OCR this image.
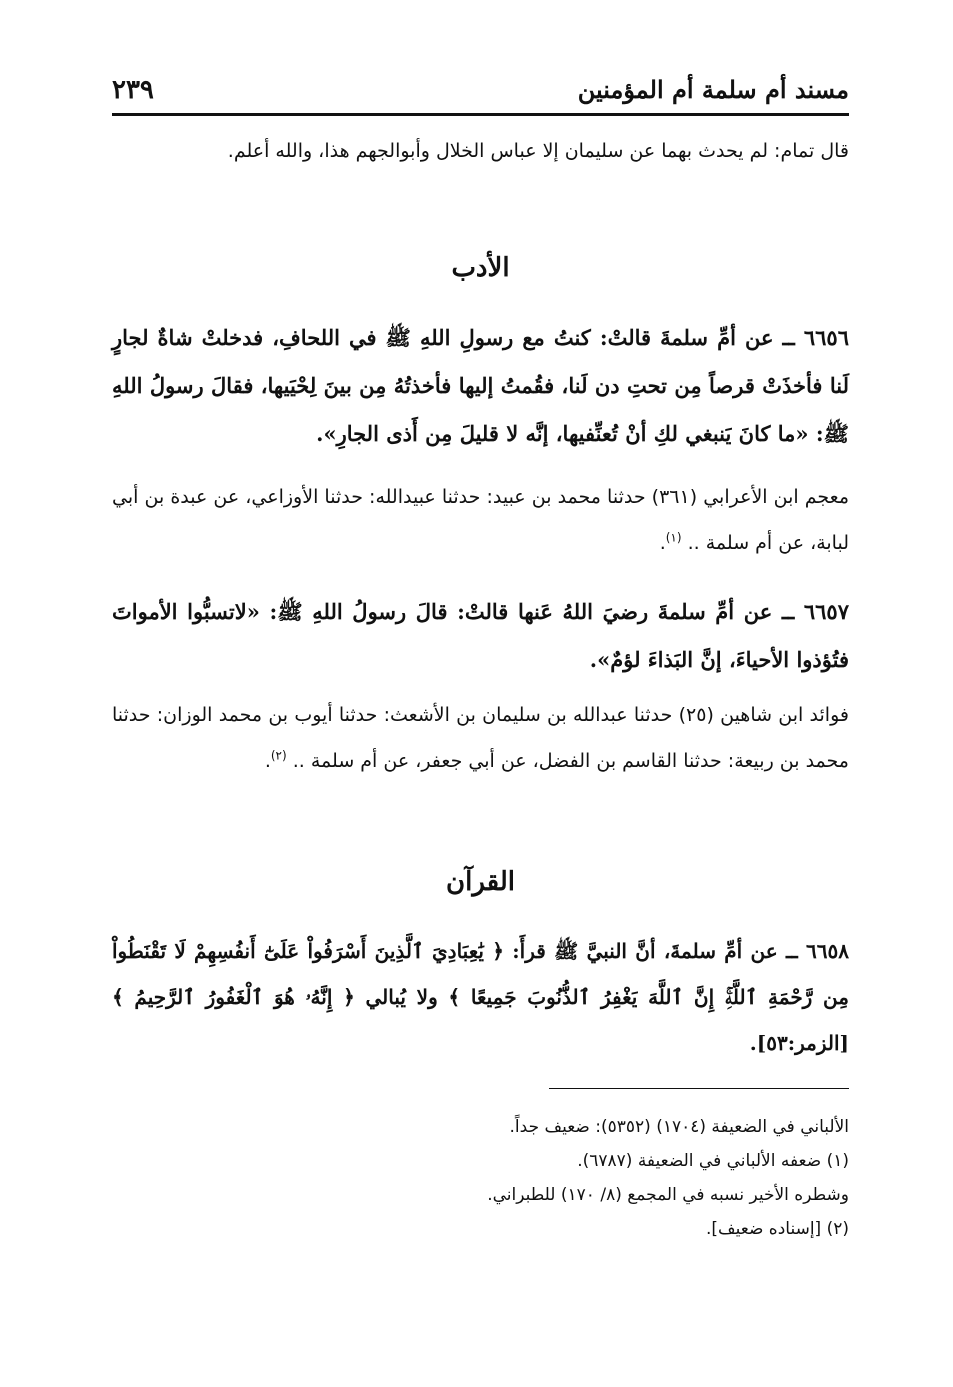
مسند أم سلمة أم المؤمنين
٢٣٩

قال تمام: لم يحدث بهما عن سليمان إلا عباس الخلال وأبوالجهم هذا، والله أعلم.

الأدب

٦٦٥٦ ــ عن أمِّ سلمةَ قالتْ: كنتُ مع رسولِ اللهِ ﷺ في اللحافِ، فدخلتْ شاةٌ لجارٍ لَنا فأخذَتْ قرصاً مِن تحتِ دن لَنا، فقُمتُ إليها فأخذتُهُ مِن بينَ لِحْيَيها، فقالَ رسولُ اللهِ ﷺ: «ما كانَ يَنبغي لكِ أنْ تُعنِّفيها، إنَّه لا قليلَ مِن أَذى الجارِ».

معجم ابن الأعرابي (٣٦١) حدثنا محمد بن عبيد: حدثنا عبيدالله: حدثنا الأوزاعي، عن عبدة بن أبي لبابة، عن أم سلمة .. $^{(١)}$.

٦٦٥٧ ــ عن أمِّ سلمةَ رضيَ اللهُ عَنها قالتْ: قالَ رسولُ اللهِ ﷺ: «لاتسبُّوا الأمواتَ فتُؤذوا الأحياءَ، إنَّ البَذاءَ لؤمٌ».

فوائد ابن شاهين (٢٥) حدثنا عبدالله بن سليمان بن الأشعث: حدثنا أيوب بن محمد الوزان: حدثنا محمد بن ربيعة: حدثنا القاسم بن الفضل، عن أبي جعفر، عن أم سلمة .. $^{(٢)}$.

القرآن

٦٦٥٨ ــ عن أمِّ سلمةَ، أنَّ النبيَّ ﷺ قرأَ: ﴿ يَٰعِبَادِيَ ٱلَّذِينَ أَسْرَفُواْ عَلَىٰٓ أَنفُسِهِمْ لَا تَقْنَطُواْ مِن رَّحْمَةِ ٱللَّهِۚ إِنَّ ٱللَّهَ يَغْفِرُ ٱلذُّنُوبَ جَمِيعًا ﴾ ولا يُبالي ﴿ إِنَّهُۥ هُوَ ٱلْغَفُورُ ٱلرَّحِيمُ ﴾ [الزمر:٥٣].

الألباني في الضعيفة (١٧٠٤) (٥٣٥٢): ضعيف جداً.
(١) ضعفه الألباني في الضعيفة (٦٧٨٧).
وشطره الأخير نسبه في المجمع (٨/ ١٧٠) للطبراني.
(٢) [إسناده ضعيف].
